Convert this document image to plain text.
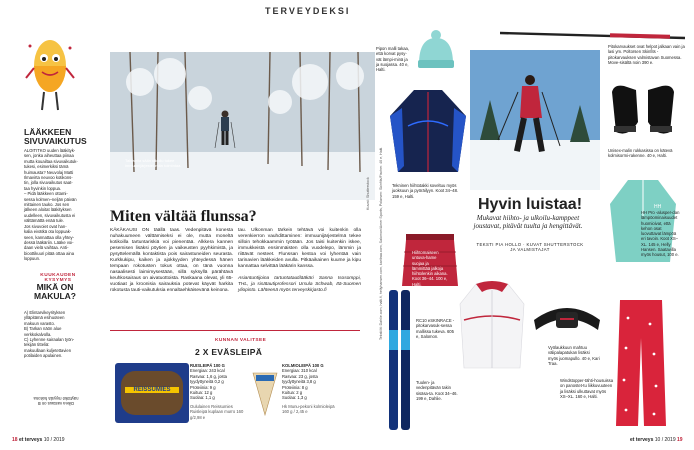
TERVEYDEKSI
LÄÄKKEEN
SIVUVAIKUTUS
ALOITITKO uuden lääkityk-
sen, jonka aiheuttaa piinaa
mutta kouailtaa sivuvaikutuk-
tukesi, esimerkiksi tämä
huimausta? Neuvolaj Matti
Ilmavirta neuvoo kotikons-
tin, jolla sivuvaikutus saat-
taa hyvinkin loppua.
– Pidä lääkkeen ottami-
sessa kolmen–neljän päivän
mittainen tauko. Jos sen
jälkeen aloitat lääkityksen
uudelleen, sivuvaikutusta ei
välttämättä enää tule.
Jos sivuvoiet ovat han-
kalia eivätkä ota loppuak-
seen, kannattaa olla yhtey-
dessä lääkäriin. Lääke voi-
daan vielä vaihtaa. Anti-
bioottikuuri pitää ottaa aina
loppuun.
KUUKAUDEN KYSYMYS
MIKÄ ON MAKULA?
A) Elintarvikeyrityksen
ylläpitämä esihuoteen
makuun varasto.
B) Tarkan näön alue
verkkokalvolla.
C) Lyhenne sairaalan työn-
tekijän titteliä:
makuullaan kuljetettavien
potilaiden apulainen.
Oikea vastaus on B
näyttökö myyslä hoitona
Talvisella sään ulkoilu tukee immuunijärjestel-män toimintaa.
Miten vältää flunssa?
KÄKÄKAUSI ON täällä taas. Vedenpitävä konesta nuhakuumeen välttämiseksi ei ole, mutta moneltä kotikoilla tartuntariskiä voi pienentää. Alkkera kannen pesemisen lisäksi pöytien ja vaikeusten pyyhkimistä, ja pysyttelemällä kontaktista pois sairastuneiden seurasta. Kurkkukipu, kaiken ja ajokkyyden yhteydessä hänen tempaan rokotusten tokus ottaa, on tänä vuonna nasaalisesti laimimysestään, sillä syksyllä pärähtävä keuhkosairaus on aivatuottoista. Raskaana olevat, yli 65-vuotiaat ja kroonisia sairauksia potevat käyvät harkita rokotusta tauti-vaikutuksia ennaltaehkäisevänä keinona.
tau. Ulkonman tärkein tehtävä voi kuitenkin olla verenkierron vauhdittaminen: immuunijärjestelmä tekee silloin tehokkaammin työtään. Jos taisi kuitenkin iskee, immukkeistä ensimmäisten olla vuodelepo, lämmin ja riittävät nesteet. Flunssan kestoa voi lyhentää vain tarinavien lääkkeiden avulla. Pitkäaikainen kuume ja kipu kannattaa selvittää lääkärin kanssa.
Asiantuntijoina tartuntatautilääkäri Sanna Isosomppi, THL, ja sisätautiprofessori Ursula Schwab, Itä-Suomen yliopisto. Lähteenä myös terveyskirjasto.fi
KUNNAN VALITSEE
2 X EVÄSLEIPÄ
REISSUMIES
RUISLEIPÄ 100 G
Energiaa: 243 kcal
Rasvaa: 1,6 g, josta
tyydyttyneitä 0,2 g
Proteiinia: 9 g
Kuitua: 12 g
Suolaa: 1,1 g
Oululainen Reissumies Ruisleipä kuplaan murro 160 g/2,98 e
KOLMIOLEIPÄ 100 G
Energiaa: 310 kcal
Rasvaa: 23 g, josta
tyydyttyneitä 3,8 g
Proteiinia: 8 g
Kuitua: 2 g
Suolaa: 1,3 g
Hk Munu-pekoni kolmioleipä 160 g / 2,45 e
Kuvat: Shutterstock	Tekstiilit: Dahlie.com, halti.fi, hellyhansen.com, karitraa.com, Salomon/Amer Sports, Polarsen: Skinfits/Fischer. 40 e, Halti.
Pipon malli takaa, että korvat pysy-vät lämpi-minä ja ja suojassa. 40 e, Halti.
Tekninen hiihtotakki soveltuu myös juoksuun ja pyöräilyyn. Koot 34–48. 159 e, Halti.
Pitokarvaukset ovat helpot jalkaan vain ja lasi ym. Poltorsen Skinfits -pitokarvauksen valmistavan Suomessa. Move-sisältä noin 390 e.
Unisex-malin rukkasissa on kätevä kolmisormi-rakenne. 40 e, Halti.
HH
HH Pro -alusper-dan lämpöominaisuudet huomioivat, että kehon osat luovuttavat lämpöä eri tavoin. Koot XS–XL. 145 e, Helly Hansen. Saatavilla myös housut, 100 e.
Hyvin luistaa!
Mukavat hiihto- ja ulkoilu-kamppeet joustavat, pitävät tuulta ja hengittävät.
TEKSTI PIA HOLLO · KUVAT SHUTTERSTOCK JA VALMISTAJAT
Hiihtomaiseen untuva-hame suojaa ja lämmittää jalkoja hiihtolenkin aikana. Koot 36–44. 100 e, Halti.
RC10 eSKINRACE -pitokarvasuk-sessa mallissa tukeva. 605 e, Salomon.
Tuulen- ja vedenpitävän takin sisäsa-ta. Koot 34–46. 199 e, Dahlie.
Vyölaukkuun mahtuu välipalapatukan lisäksi myös juomapullo. 40 e, Kari Traa.
Windstopper-tähti-housuissa on panostet-tu liikkuvuuteen ja lisäksi ulkuttavat myös XS–XL. 160 e, Halti.
18 et terveys 10 / 2019	et terveys 10 / 2019 19
